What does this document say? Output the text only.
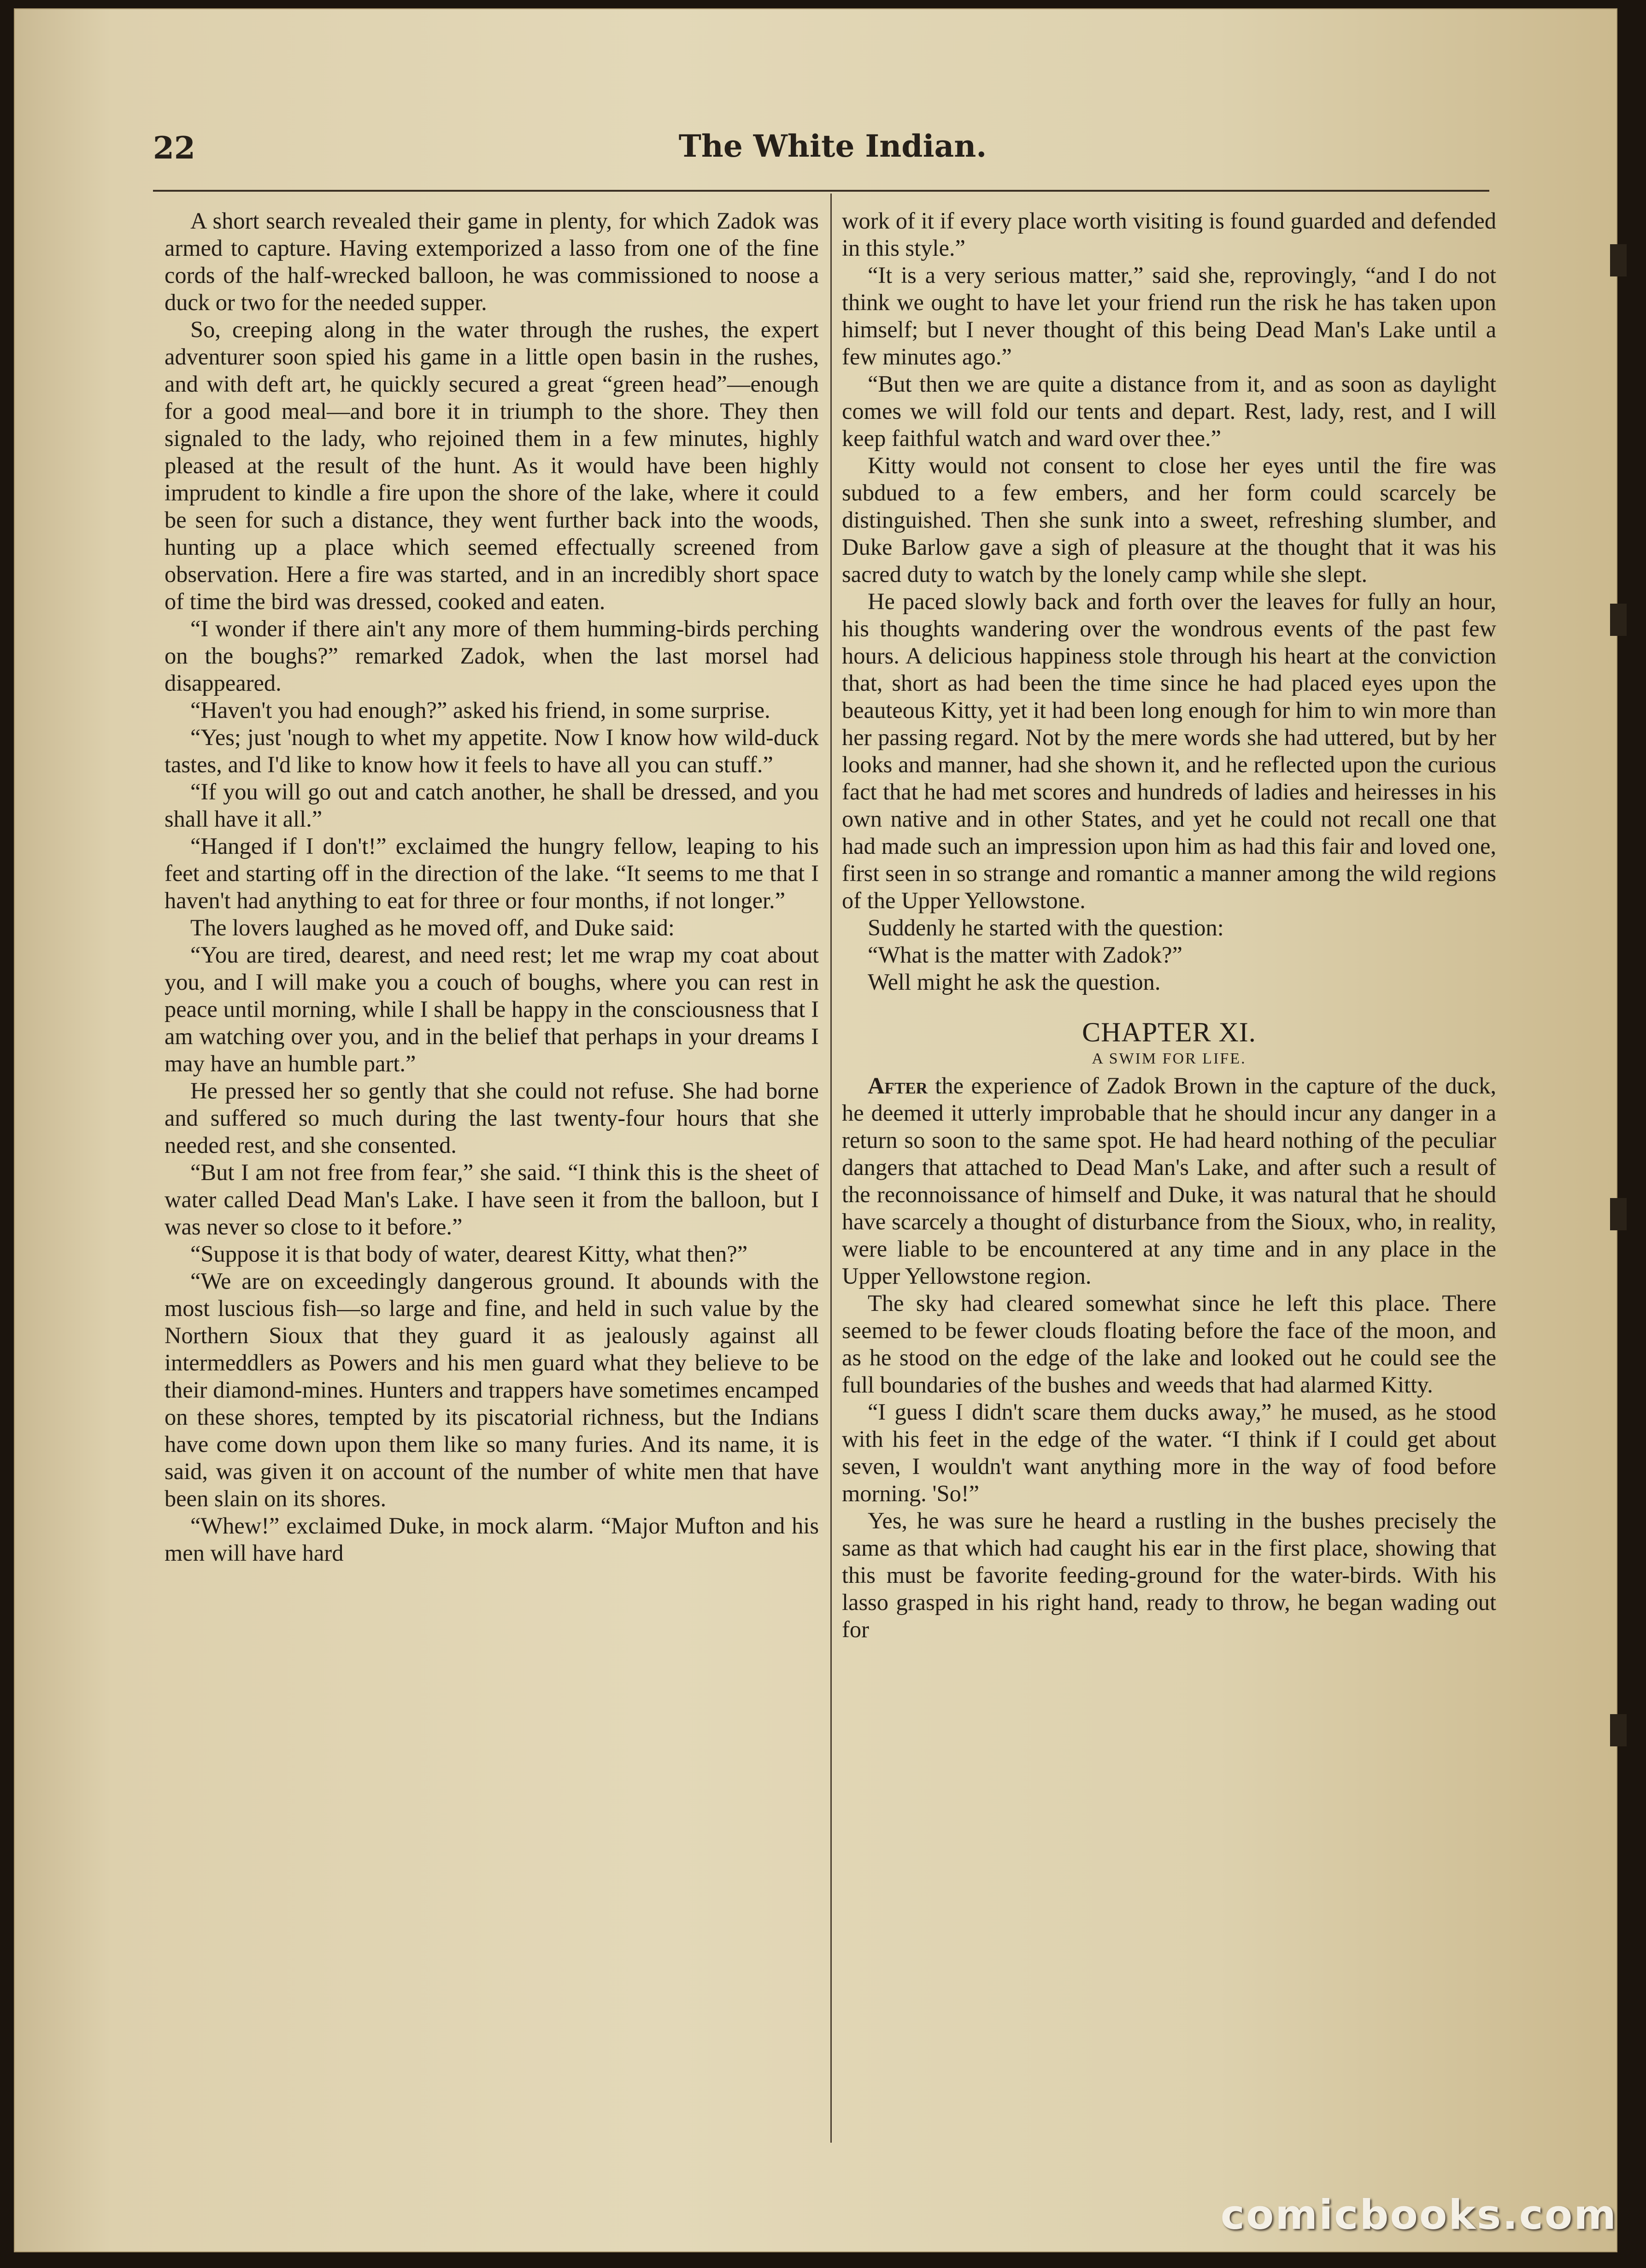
22	The White Indian.

A short search revealed their game in plenty, for which Zadok was armed to capture. Having extemporized a lasso from one of the fine cords of the half-wrecked balloon, he was commissioned to noose a duck or two for the needed supper.

So, creeping along in the water through the rushes, the expert adventurer soon spied his game in a little open basin in the rushes, and with deft art, he quickly secured a great “green head”—enough for a good meal—and bore it in triumph to the shore. They then signaled to the lady, who rejoined them in a few minutes, highly pleased at the result of the hunt. As it would have been highly imprudent to kindle a fire upon the shore of the lake, where it could be seen for such a distance, they went further back into the woods, hunting up a place which seemed effectually screened from observation. Here a fire was started, and in an incredibly short space of time the bird was dressed, cooked and eaten.

“I wonder if there ain't any more of them humming-birds perching on the boughs?” remarked Zadok, when the last morsel had disappeared.

“Haven't you had enough?” asked his friend, in some surprise.

“Yes; just 'nough to whet my appetite. Now I know how wild-duck tastes, and I'd like to know how it feels to have all you can stuff.”

“If you will go out and catch another, he shall be dressed, and you shall have it all.”

“Hanged if I don't!” exclaimed the hungry fellow, leaping to his feet and starting off in the direction of the lake. “It seems to me that I haven't had anything to eat for three or four months, if not longer.”

The lovers laughed as he moved off, and Duke said:

“You are tired, dearest, and need rest; let me wrap my coat about you, and I will make you a couch of boughs, where you can rest in peace until morning, while I shall be happy in the consciousness that I am watching over you, and in the belief that perhaps in your dreams I may have an humble part.”

He pressed her so gently that she could not refuse. She had borne and suffered so much during the last twenty-four hours that she needed rest, and she consented.

“But I am not free from fear,” she said. “I think this is the sheet of water called Dead Man's Lake. I have seen it from the balloon, but I was never so close to it before.”

“Suppose it is that body of water, dearest Kitty, what then?”

“We are on exceedingly dangerous ground. It abounds with the most luscious fish—so large and fine, and held in such value by the Northern Sioux that they guard it as jealously against all intermeddlers as Powers and his men guard what they believe to be their diamond-mines. Hunters and trappers have sometimes encamped on these shores, tempted by its piscatorial richness, but the Indians have come down upon them like so many furies. And its name, it is said, was given it on account of the number of white men that have been slain on its shores.

“Whew!” exclaimed Duke, in mock alarm. “Major Mufton and his men will have hard

work of it if every place worth visiting is found guarded and defended in this style.”

“It is a very serious matter,” said she, reprovingly, “and I do not think we ought to have let your friend run the risk he has taken upon himself; but I never thought of this being Dead Man's Lake until a few minutes ago.”

“But then we are quite a distance from it, and as soon as daylight comes we will fold our tents and depart. Rest, lady, rest, and I will keep faithful watch and ward over thee.”

Kitty would not consent to close her eyes until the fire was subdued to a few embers, and her form could scarcely be distinguished. Then she sunk into a sweet, refreshing slumber, and Duke Barlow gave a sigh of pleasure at the thought that it was his sacred duty to watch by the lonely camp while she slept.

He paced slowly back and forth over the leaves for fully an hour, his thoughts wandering over the wondrous events of the past few hours. A delicious happiness stole through his heart at the conviction that, short as had been the time since he had placed eyes upon the beauteous Kitty, yet it had been long enough for him to win more than her passing regard. Not by the mere words she had uttered, but by her looks and manner, had she shown it, and he reflected upon the curious fact that he had met scores and hundreds of ladies and heiresses in his own native and in other States, and yet he could not recall one that had made such an impression upon him as had this fair and loved one, first seen in so strange and romantic a manner among the wild regions of the Upper Yellowstone.

Suddenly he started with the question:

“What is the matter with Zadok?”

Well might he ask the question.

CHAPTER XI.
A SWIM FOR LIFE.

After the experience of Zadok Brown in the capture of the duck, he deemed it utterly improbable that he should incur any danger in a return so soon to the same spot. He had heard nothing of the peculiar dangers that attached to Dead Man's Lake, and after such a result of the reconnoissance of himself and Duke, it was natural that he should have scarcely a thought of disturbance from the Sioux, who, in reality, were liable to be encountered at any time and in any place in the Upper Yellowstone region.

The sky had cleared somewhat since he left this place. There seemed to be fewer clouds floating before the face of the moon, and as he stood on the edge of the lake and looked out he could see the full boundaries of the bushes and weeds that had alarmed Kitty.

“I guess I didn't scare them ducks away,” he mused, as he stood with his feet in the edge of the water. “I think if I could get about seven, I wouldn't want anything more in the way of food before morning. 'So!”

Yes, he was sure he heard a rustling in the bushes precisely the same as that which had caught his ear in the first place, showing that this must be favorite feeding-ground for the water-birds. With his lasso grasped in his right hand, ready to throw, he began wading out for

comicbooks.com
